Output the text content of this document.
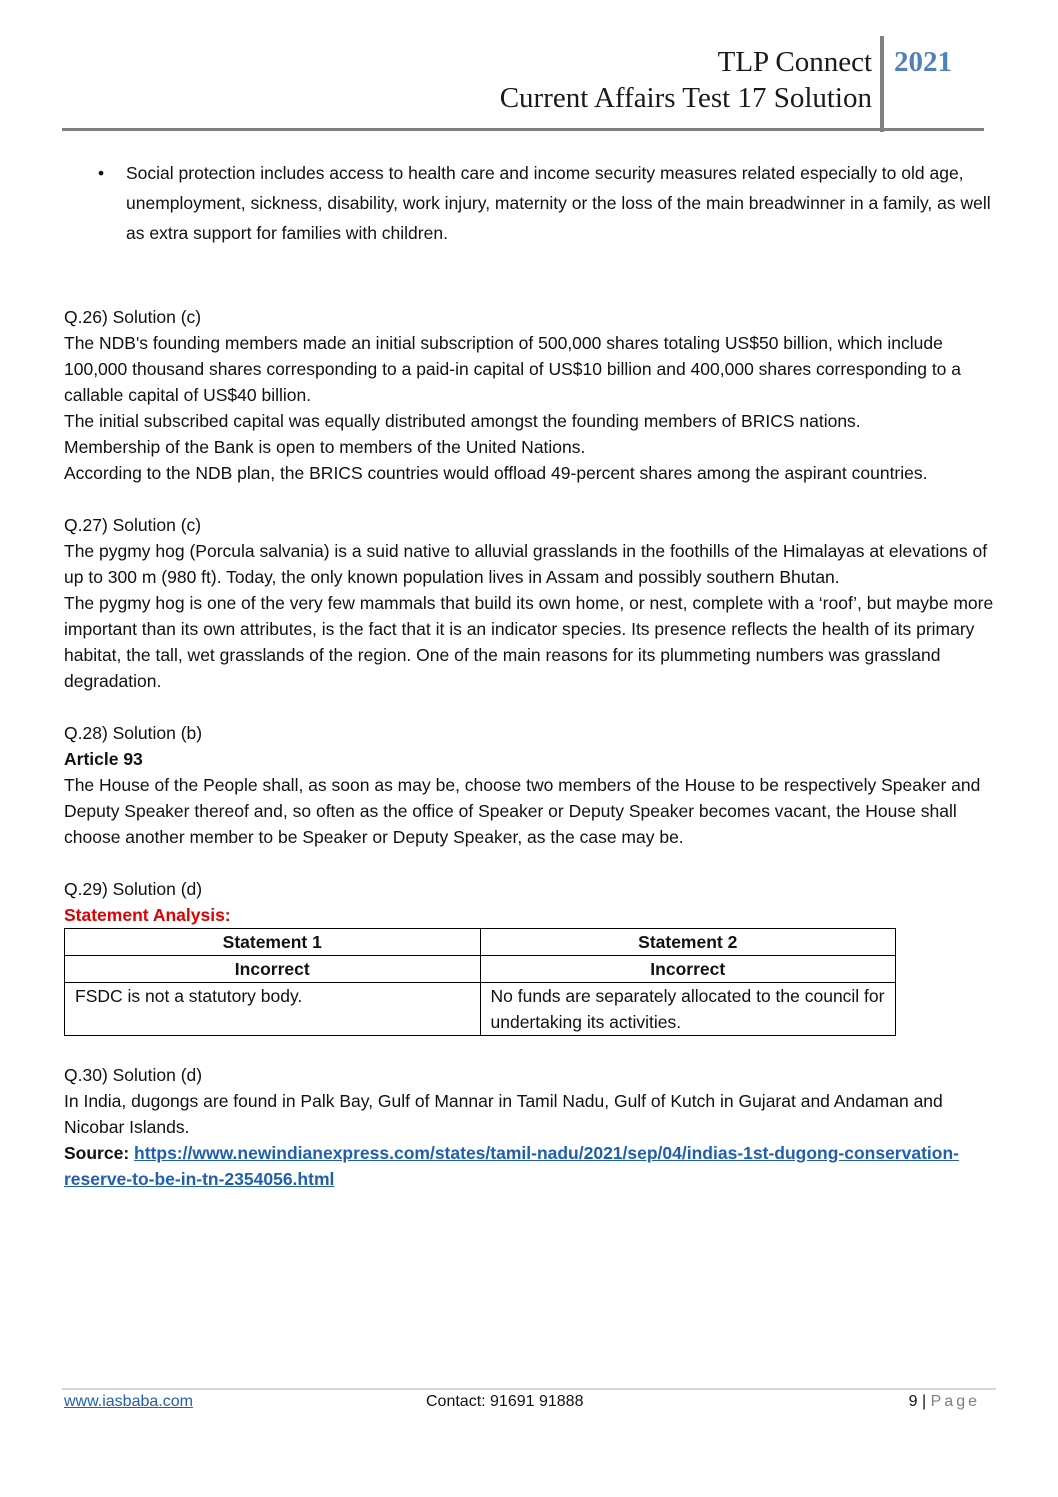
TLP Connect
Current Affairs Test 17 Solution
2021
• Social protection includes access to health care and income security measures related especially to old age, unemployment, sickness, disability, work injury, maternity or the loss of the main breadwinner in a family, as well as extra support for families with children.

Q.26) Solution (c)

The NDB's founding members made an initial subscription of 500,000 shares totaling US$50 billion, which include 100,000 thousand shares corresponding to a paid-in capital of US$10 billion and 400,000 shares corresponding to a callable capital of US$40 billion.

The initial subscribed capital was equally distributed amongst the founding members of BRICS nations.

Membership of the Bank is open to members of the United Nations.

According to the NDB plan, the BRICS countries would offload 49-percent shares among the aspirant countries.

Q.27) Solution (c)

The pygmy hog (Porcula salvania) is a suid native to alluvial grasslands in the foothills of the Himalayas at elevations of up to 300 m (980 ft). Today, the only known population lives in Assam and possibly southern Bhutan.

The pygmy hog is one of the very few mammals that build its own home, or nest, complete with a ‘roof’, but maybe more important than its own attributes, is the fact that it is an indicator species. Its presence reflects the health of its primary habitat, the tall, wet grasslands of the region. One of the main reasons for its plummeting numbers was grassland degradation.

Q.28) Solution (b)

Article 93

The House of the People shall, as soon as may be, choose two members of the House to be respectively Speaker and Deputy Speaker thereof and, so often as the office of Speaker or Deputy Speaker becomes vacant, the House shall choose another member to be Speaker or Deputy Speaker, as the case may be.

Q.29) Solution (d)

Statement Analysis:

Statement 1	Statement 2
Incorrect	Incorrect
FSDC is not a statutory body.	No funds are separately allocated to the council for undertaking its activities.

Q.30) Solution (d)

In India, dugongs are found in Palk Bay, Gulf of Mannar in Tamil Nadu, Gulf of Kutch in Gujarat and Andaman and Nicobar Islands.

Source: https://www.newindianexpress.com/states/tamil-nadu/2021/sep/04/indias-1st-dugong-conservation-reserve-to-be-in-tn-2354056.html

www.iasbaba.com	Contact: 91691 91888	9 | Page
